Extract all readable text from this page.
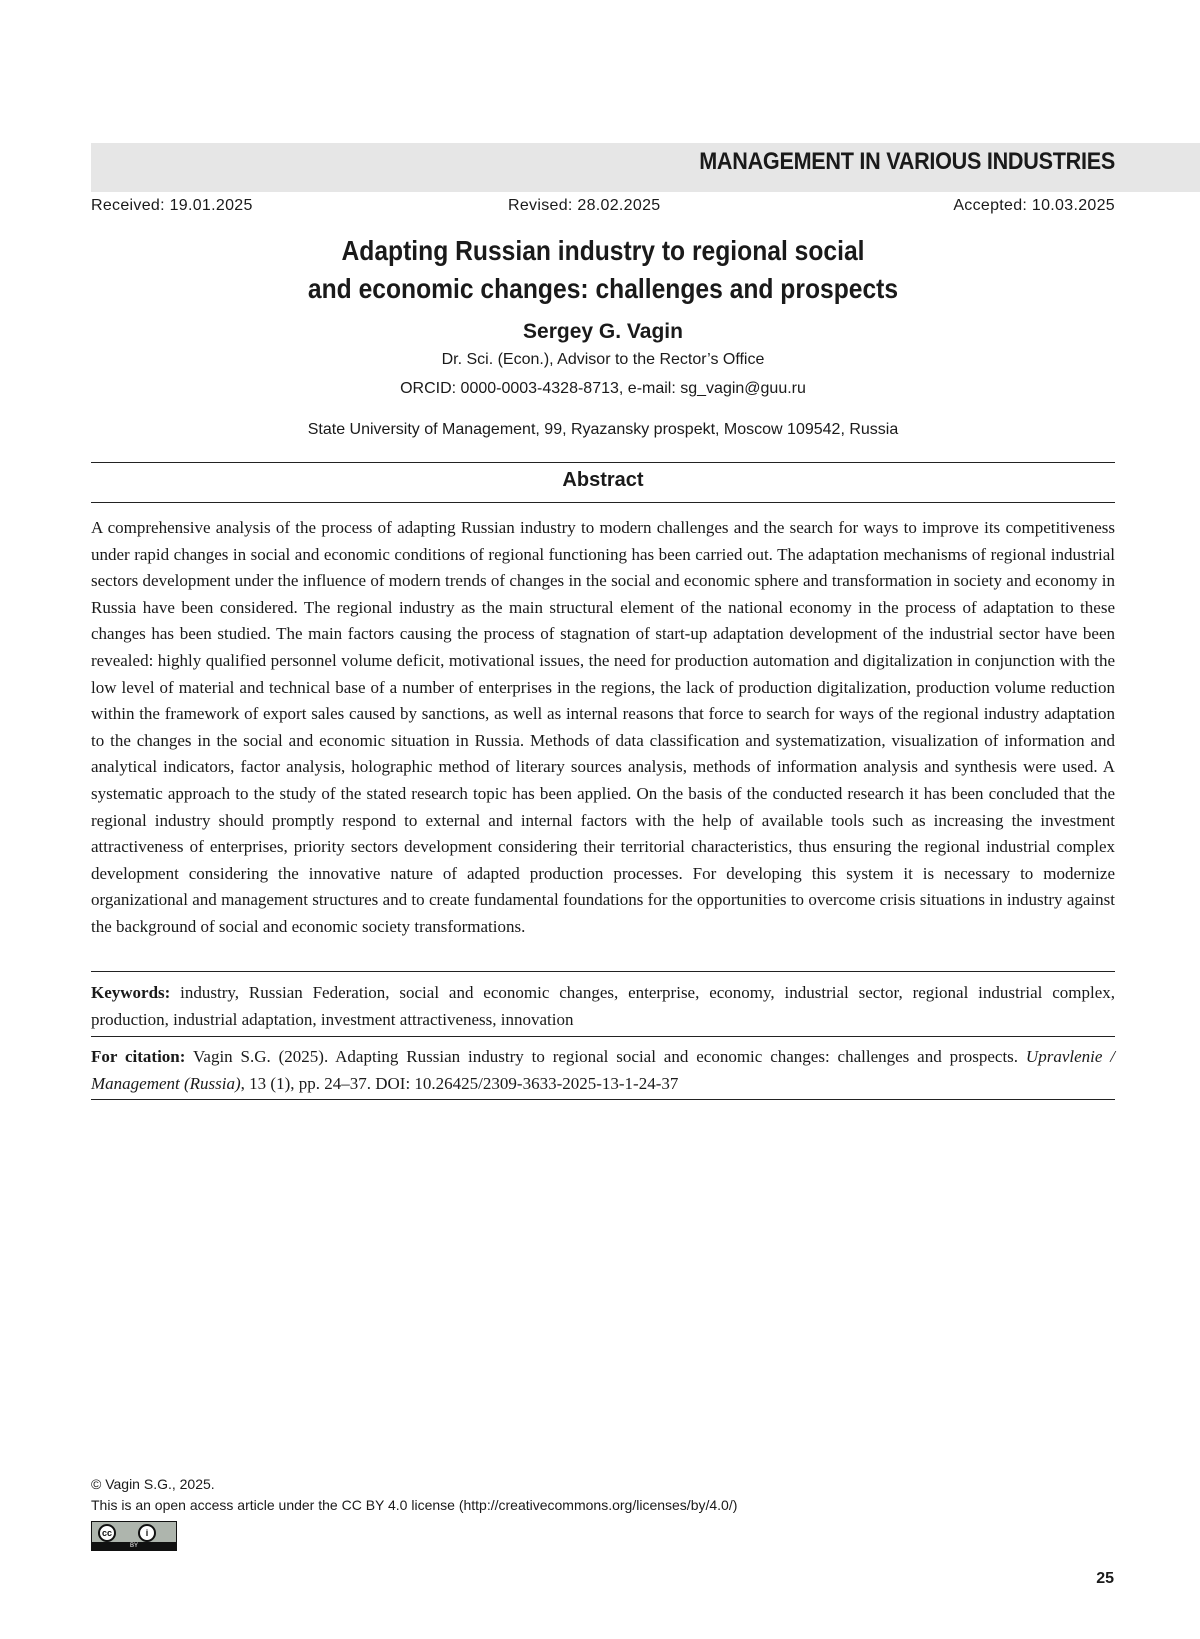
MANAGEMENT IN VARIOUS INDUSTRIES
Received: 19.01.2025	Revised: 28.02.2025	Accepted: 10.03.2025
Adapting Russian industry to regional social
and economic changes: challenges and prospects
Sergey G. Vagin
Dr. Sci. (Econ.), Advisor to the Rector’s Office
ORCID: 0000-0003-4328-8713, e-mail: sg_vagin@guu.ru
State University of Management, 99, Ryazansky prospekt, Moscow 109542, Russia
Abstract
A comprehensive analysis of the process of adapting Russian industry to modern challenges and the search for ways to improve its competitiveness under rapid changes in social and economic conditions of regional functioning has been carried out. The adaptation mechanisms of regional industrial sectors development under the influence of modern trends of changes in the social and economic sphere and transformation in society and economy in Russia have been considered. The regional industry as the main structural element of the national economy in the process of adaptation to these changes has been studied. The main factors causing the process of stagnation of start-up adaptation development of the industrial sector have been revealed: highly qualified personnel volume deficit, motivational issues, the need for production automation and digitalization in conjunction with the low level of material and technical base of a number of enterprises in the regions, the lack of production digitalization, production volume reduction within the framework of export sales caused by sanctions, as well as internal reasons that force to search for ways of the regional industry adaptation to the changes in the social and economic situation in Russia. Methods of data classification and systematization, visualization of information and analytical indicators, factor analysis, holographic method of literary sources analysis, methods of information analysis and synthesis were used. A systematic approach to the study of the stated research topic has been applied. On the basis of the conducted research it has been concluded that the regional industry should promptly respond to external and internal factors with the help of available tools such as increasing the investment attractiveness of enterprises, priority sectors development considering their territorial characteristics, thus ensuring the regional industrial complex development considering the innovative nature of adapted production processes. For developing this system it is necessary to modernize organizational and management structures and to create fundamental foundations for the opportunities to overcome crisis situations in industry against the background of social and economic society transformations.
Keywords: industry, Russian Federation, social and economic changes, enterprise, economy, industrial sector, regional industrial complex, production, industrial adaptation, investment attractiveness, innovation
For citation: Vagin S.G. (2025). Adapting Russian industry to regional social and economic changes: challenges and prospects. Upravlenie / Management (Russia), 13 (1), pp. 24–37. DOI: 10.26425/2309-3633-2025-13-1-24-37
© Vagin S.G., 2025.
This is an open access article under the CC BY 4.0 license (http://creativecommons.org/licenses/by/4.0/)
cc	i
BY
25
